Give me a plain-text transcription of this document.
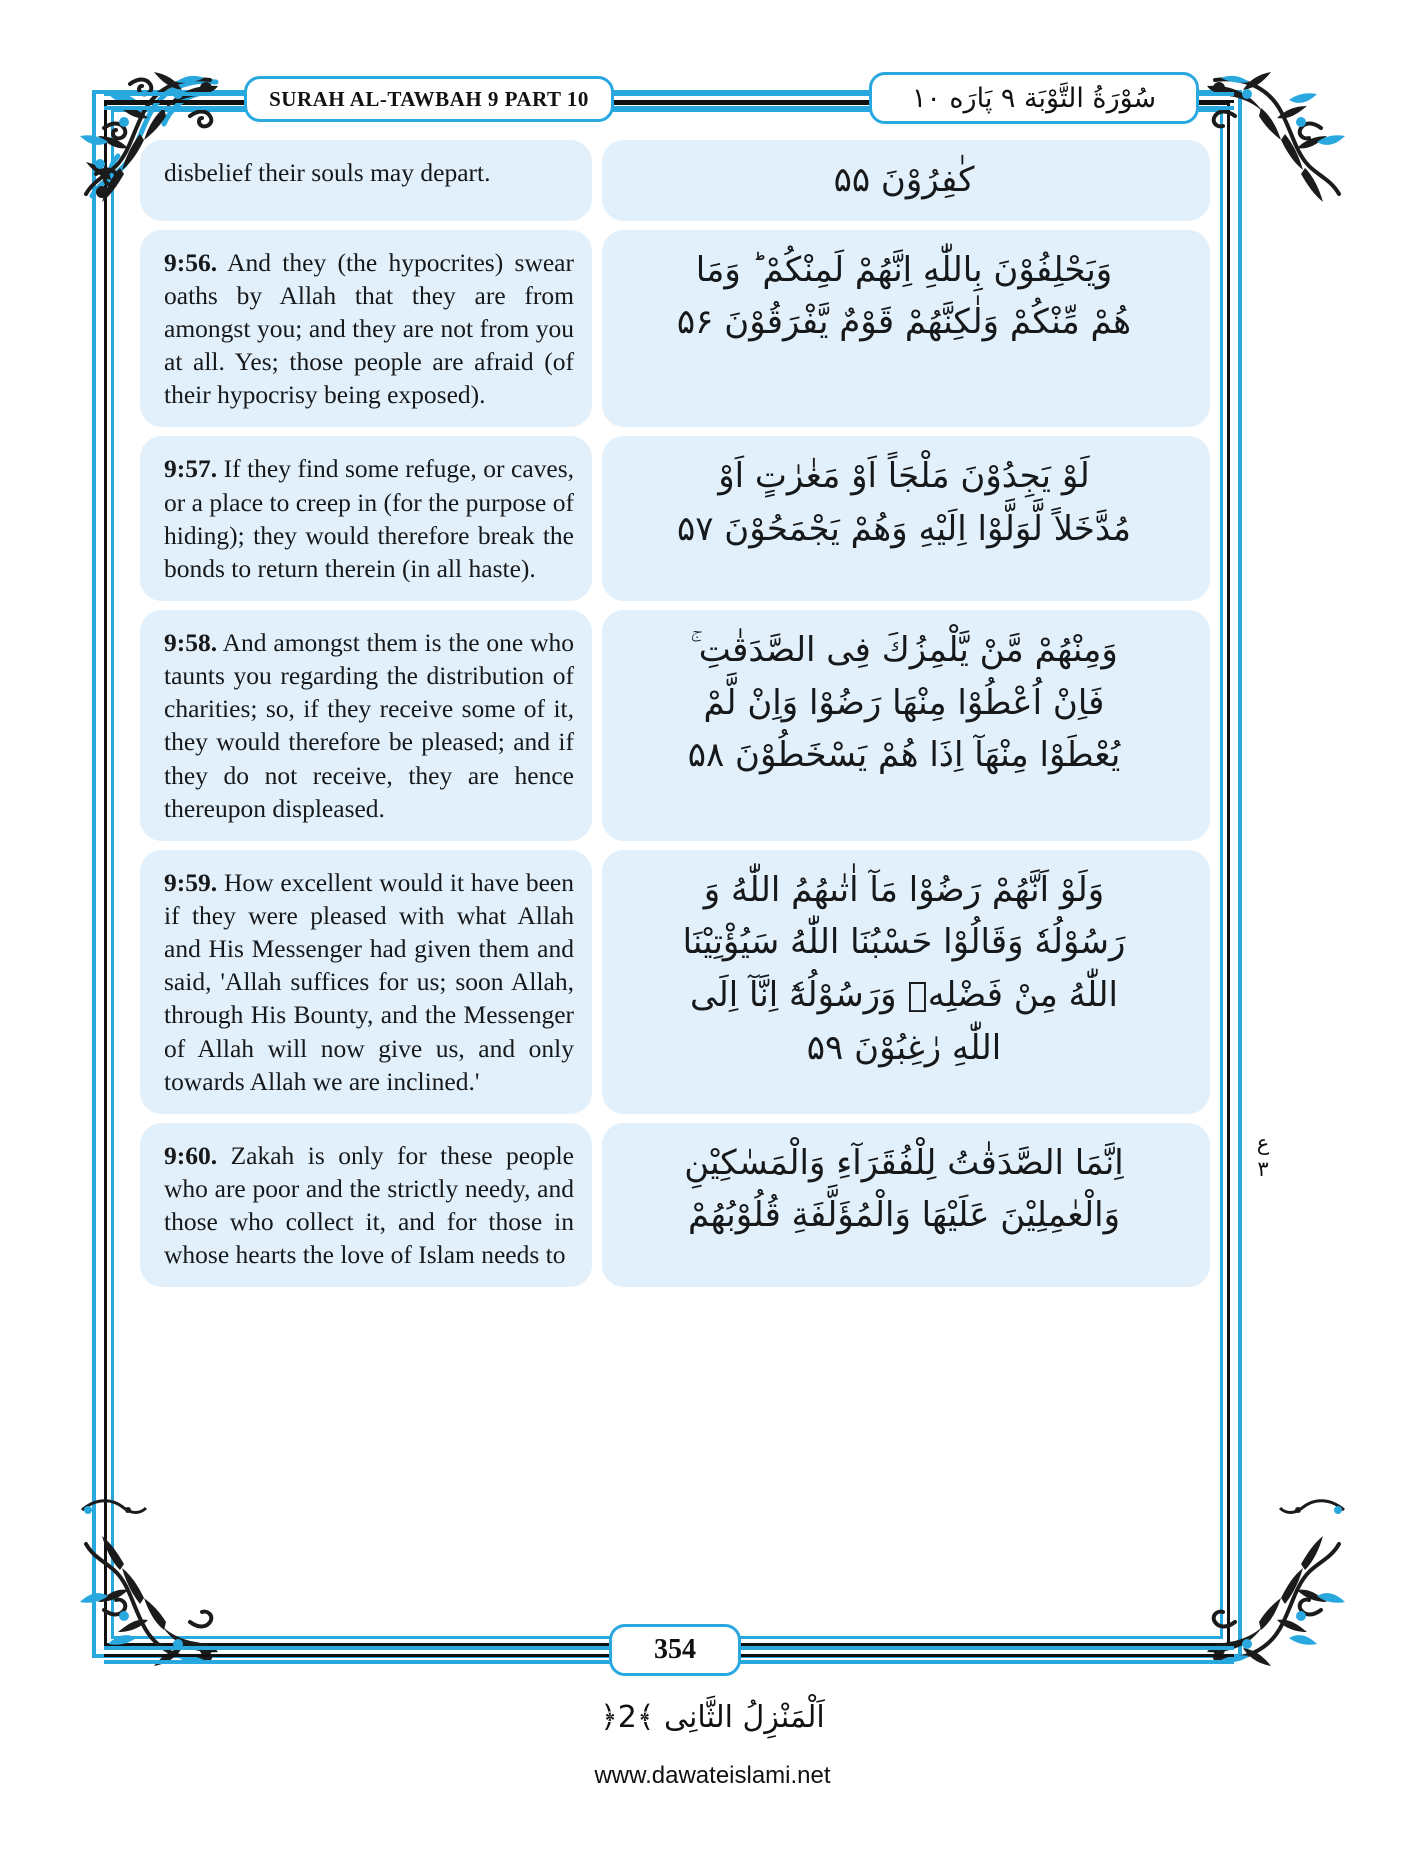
SURAH AL-TAWBAH 9 PART 10	سُوْرَةُ التَّوْبَة ٩ پَارَه ١٠
disbelief their souls may depart.	كٰفِرُوْنَ ۵۵
9:56. And they (the hypocrites) swear oaths by Allah that they are from amongst you; and they are not from you at all. Yes; those people are afraid (of their hypocrisy being exposed).
وَيَحْلِفُوْنَ بِاللّٰهِ اِنَّهُمْ لَمِنْكُمْ ؕ وَمَا
هُمْ مِّنْكُمْ وَلٰكِنَّهُمْ قَوْمٌ يَّفْرَقُوْنَ ۵۶
9:57. If they find some refuge, or caves, or a place to creep in (for the purpose of hiding); they would therefore break the bonds to return therein (in all haste).
لَوْ يَجِدُوْنَ مَلْجَاً اَوْ مَغٰرٰتٍ اَوْ
مُدَّخَلاً لَّوَلَّوْا اِلَيْهِ وَهُمْ يَجْمَحُوْنَ ۵۷
9:58. And amongst them is the one who taunts you regarding the distribution of charities; so, if they receive some of it, they would therefore be pleased; and if they do not receive, they are hence thereupon displeased.
وَمِنْهُمْ مَّنْ يَّلْمِزُكَ فِى الصَّدَقٰتِ ۚ
فَاِنْ اُعْطُوْا مِنْهَا رَضُوْا وَاِنْ لَّمْ
يُعْطَوْا مِنْهَآ اِذَا هُمْ يَسْخَطُوْنَ ۵۸
9:59. How excellent would it have been if they were pleased with what Allah and His Messenger had given them and said, 'Allah suffices for us; soon Allah, through His Bounty, and the Messenger of Allah will now give us, and only towards Allah we are inclined.'
وَلَوْ اَنَّهُمْ رَضُوْا مَآ اٰتٰىهُمُ اللّٰهُ وَ
رَسُوْلُهٗ وَقَالُوْا حَسْبُنَا اللّٰهُ سَيُؤْتِيْنَا
اللّٰهُ مِنْ فَضْلِهٖ وَرَسُوْلُهٗٓ اِنَّآ اِلَى
اللّٰهِ رٰغِبُوْنَ ۵۹
9:60. Zakah is only for these people who are poor and the strictly needy, and those who collect it, and for those in whose hearts the love of Islam needs to
اِنَّمَا الصَّدَقٰتُ لِلْفُقَرَآءِ وَالْمَسٰكِيْنِ
وَالْعٰمِلِيْنَ عَلَيْهَا وَالْمُؤَلَّفَةِ قُلُوْبُهُمْ
ع
٣
354
اَلْمَنْزِلُ الثَّانِى ﴾2﴿
www.dawateislami.net
